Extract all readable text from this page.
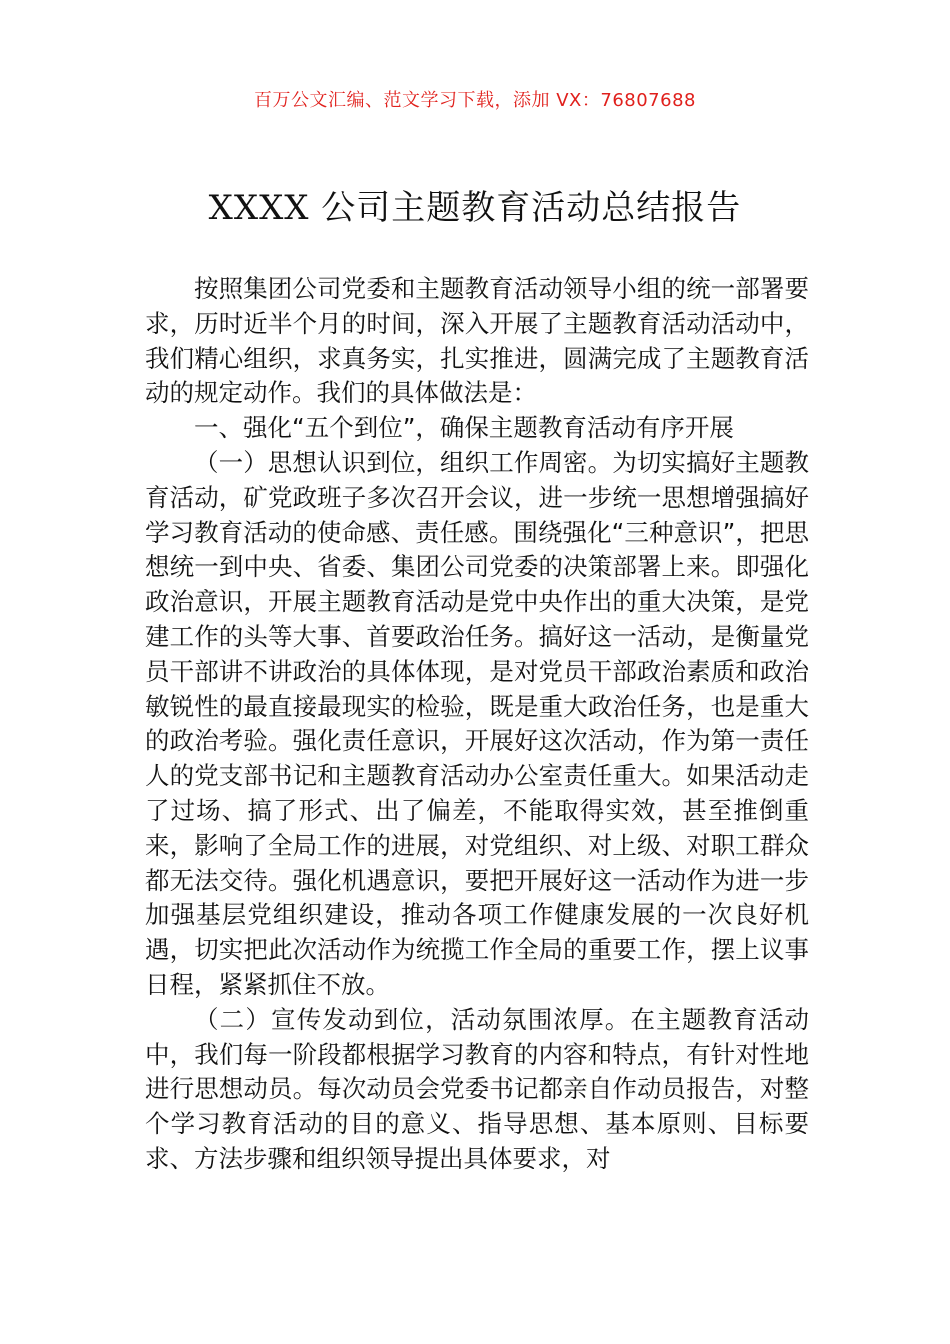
百万公文汇编、范文学习下载，添加 VX：76807688
XXXX 公司主题教育活动总结报告

按照集团公司党委和主题教育活动领导小组的统一部署要求，历时近半个月的时间，深入开展了主题教育活动活动中，我们精心组织，求真务实，扎实推进，圆满完成了主题教育活动的规定动作。我们的具体做法是：

一、强化“五个到位”，确保主题教育活动有序开展

（一）思想认识到位，组织工作周密。为切实搞好主题教育活动，矿党政班子多次召开会议，进一步统一思想增强搞好学习教育活动的使命感、责任感。围绕强化“三种意识”，把思想统一到中央、省委、集团公司党委的决策部署上来。即强化政治意识，开展主题教育活动是党中央作出的重大决策，是党建工作的头等大事、首要政治任务。搞好这一活动，是衡量党员干部讲不讲政治的具体体现，是对党员干部政治素质和政治敏锐性的最直接最现实的检验，既是重大政治任务，也是重大的政治考验。强化责任意识，开展好这次活动，作为第一责任人的党支部书记和主题教育活动办公室责任重大。如果活动走了过场、搞了形式、出了偏差，不能取得实效，甚至推倒重来，影响了全局工作的进展，对党组织、对上级、对职工群众都无法交待。强化机遇意识，要把开展好这一活动作为进一步加强基层党组织建设，推动各项工作健康发展的一次良好机遇，切实把此次活动作为统揽工作全局的重要工作，摆上议事日程，紧紧抓住不放。

（二）宣传发动到位，活动氛围浓厚。在主题教育活动中，我们每一阶段都根据学习教育的内容和特点，有针对性地进行思想动员。每次动员会党委书记都亲自作动员报告，对整个学习教育活动的目的意义、指导思想、基本原则、目标要求、方法步骤和组织领导提出具体要求，对
